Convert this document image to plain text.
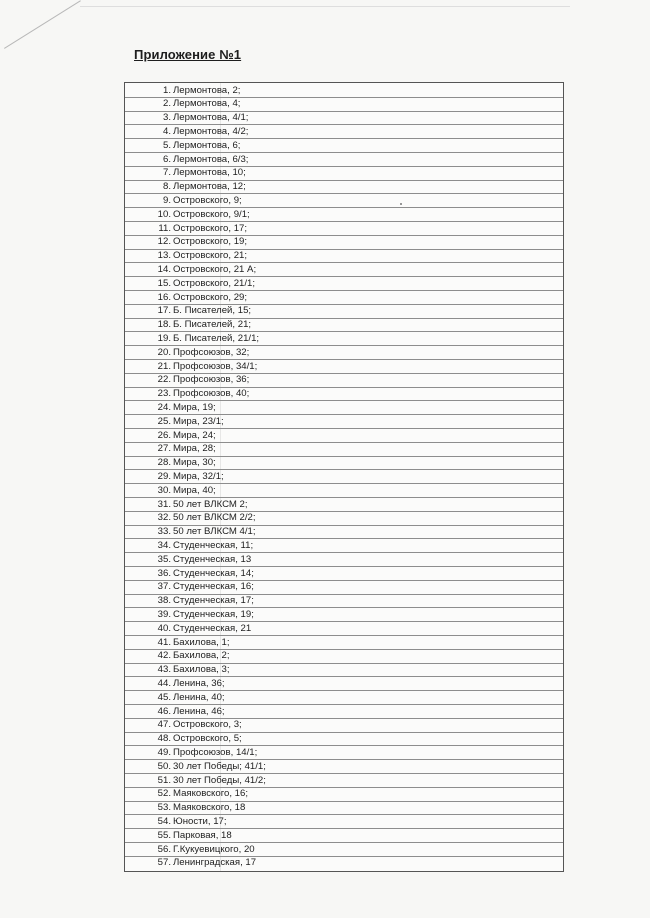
Приложение №1
1. Лермонтова, 2;
2. Лермонтова, 4;
3. Лермонтова, 4/1;
4. Лермонтова, 4/2;
5. Лермонтова, 6;
6. Лермонтова, 6/3;
7. Лермонтова, 10;
8. Лермонтова, 12;
9. Островского, 9;
10. Островского, 9/1;
11. Островского, 17;
12. Островского, 19;
13. Островского, 21;
14. Островского, 21 А;
15. Островского, 21/1;
16. Островского, 29;
17. Б. Писателей, 15;
18. Б. Писателей, 21;
19. Б. Писателей, 21/1;
20. Профсоюзов, 32;
21. Профсоюзов, 34/1;
22. Профсоюзов, 36;
23. Профсоюзов, 40;
24. Мира, 19;
25. Мира, 23/1;
26. Мира, 24;
27. Мира, 28;
28. Мира, 30;
29. Мира, 32/1;
30. Мира, 40;
31. 50 лет ВЛКСМ 2;
32. 50 лет ВЛКСМ 2/2;
33. 50 лет ВЛКСМ 4/1;
34. Студенческая, 11;
35. Студенческая, 13
36. Студенческая, 14;
37. Студенческая, 16;
38. Студенческая, 17;
39. Студенческая, 19;
40. Студенческая, 21
41. Бахилова, 1;
42. Бахилова, 2;
43. Бахилова, 3;
44. Ленина, 36;
45. Ленина, 40;
46. Ленина, 46;
47. Островского, 3;
48. Островского, 5;
49. Профсоюзов, 14/1;
50. 30 лет Победы; 41/1;
51. 30 лет Победы, 41/2;
52. Маяковского, 16;
53. Маяковского, 18
54. Юности, 17;
55. Парковая, 18
56. Г.Кукуевицкого, 20
57. Ленинградская, 17
